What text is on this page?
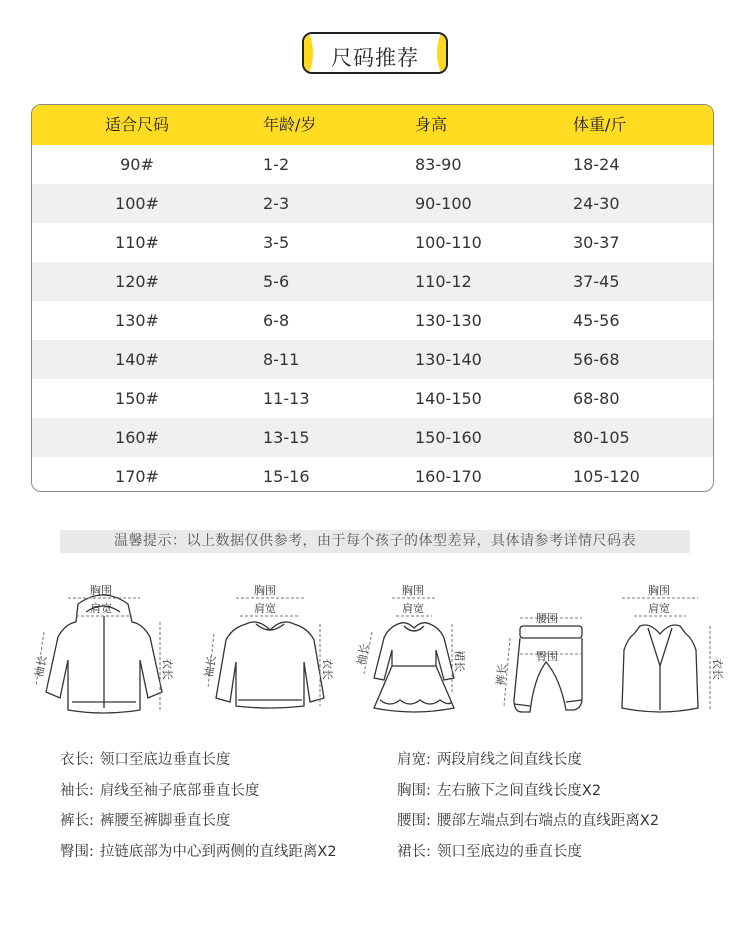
尺码推荐
适合尺码	年龄/岁	身高	体重/斤
90#	1-2	83-90	18-24
100#	2-3	90-100	24-30
110#	3-5	100-110	30-37
120#	5-6	110-12	37-45
130#	6-8	130-130	45-56
140#	8-11	130-140	56-68
150#	11-13	140-150	68-80
160#	13-15	150-160	80-105
170#	15-16	160-170	105-120
温馨提示：以上数据仅供参考，由于每个孩子的体型差异，具体请参考详情尺码表
胸围
肩宽
袖长	衣长
胸围
肩宽
袖长	衣长
胸围
肩宽
袖长	裙长
腰围
臀围
裤长
胸围
肩宽
衣长
衣长: 领口至底边垂直长度	肩宽: 两段肩线之间直线长度
袖长: 肩线至袖子底部垂直长度	胸围: 左右腋下之间直线长度X2
裤长: 裤腰至裤脚垂直长度	腰围: 腰部左端点到右端点的直线距离X2
臀围: 拉链底部为中心到两侧的直线距离X2	裙长: 领口至底边的垂直长度
